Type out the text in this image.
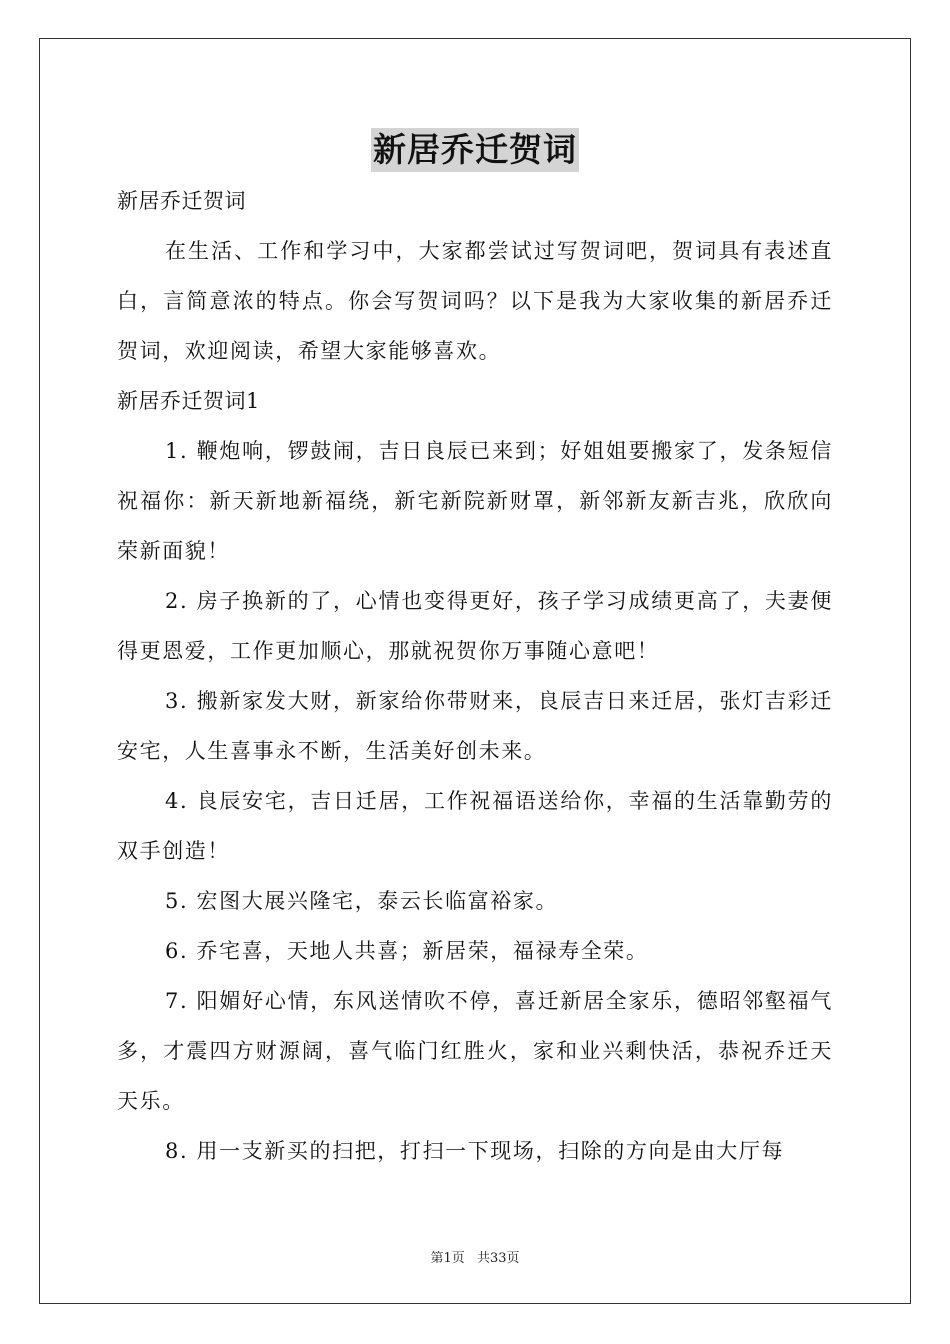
新居乔迁贺词

新居乔迁贺词

在生活、工作和学习中，大家都尝试过写贺词吧，贺词具有表述直白，言简意浓的特点。你会写贺词吗？以下是我为大家收集的新居乔迁贺词，欢迎阅读，希望大家能够喜欢。

新居乔迁贺词1

1. 鞭炮响，锣鼓闹，吉日良辰已来到；好姐姐要搬家了，发条短信祝福你：新天新地新福绕，新宅新院新财罩，新邻新友新吉兆，欣欣向荣新面貌！

2. 房子换新的了，心情也变得更好，孩子学习成绩更高了，夫妻便得更恩爱，工作更加顺心，那就祝贺你万事随心意吧！

3. 搬新家发大财，新家给你带财来，良辰吉日来迁居，张灯吉彩迁安宅，人生喜事永不断，生活美好创未来。

4. 良辰安宅，吉日迁居，工作祝福语送给你，幸福的生活靠勤劳的双手创造！

5. 宏图大展兴隆宅，泰云长临富裕家。

6. 乔宅喜，天地人共喜；新居荣，福禄寿全荣。

7. 阳媚好心情，东风送情吹不停，喜迁新居全家乐，德昭邻壑福气多，才震四方财源阔，喜气临门红胜火，家和业兴剩快活，恭祝乔迁天天乐。

8. 用一支新买的扫把，打扫一下现场，扫除的方向是由大厅每

第1页 共33页
